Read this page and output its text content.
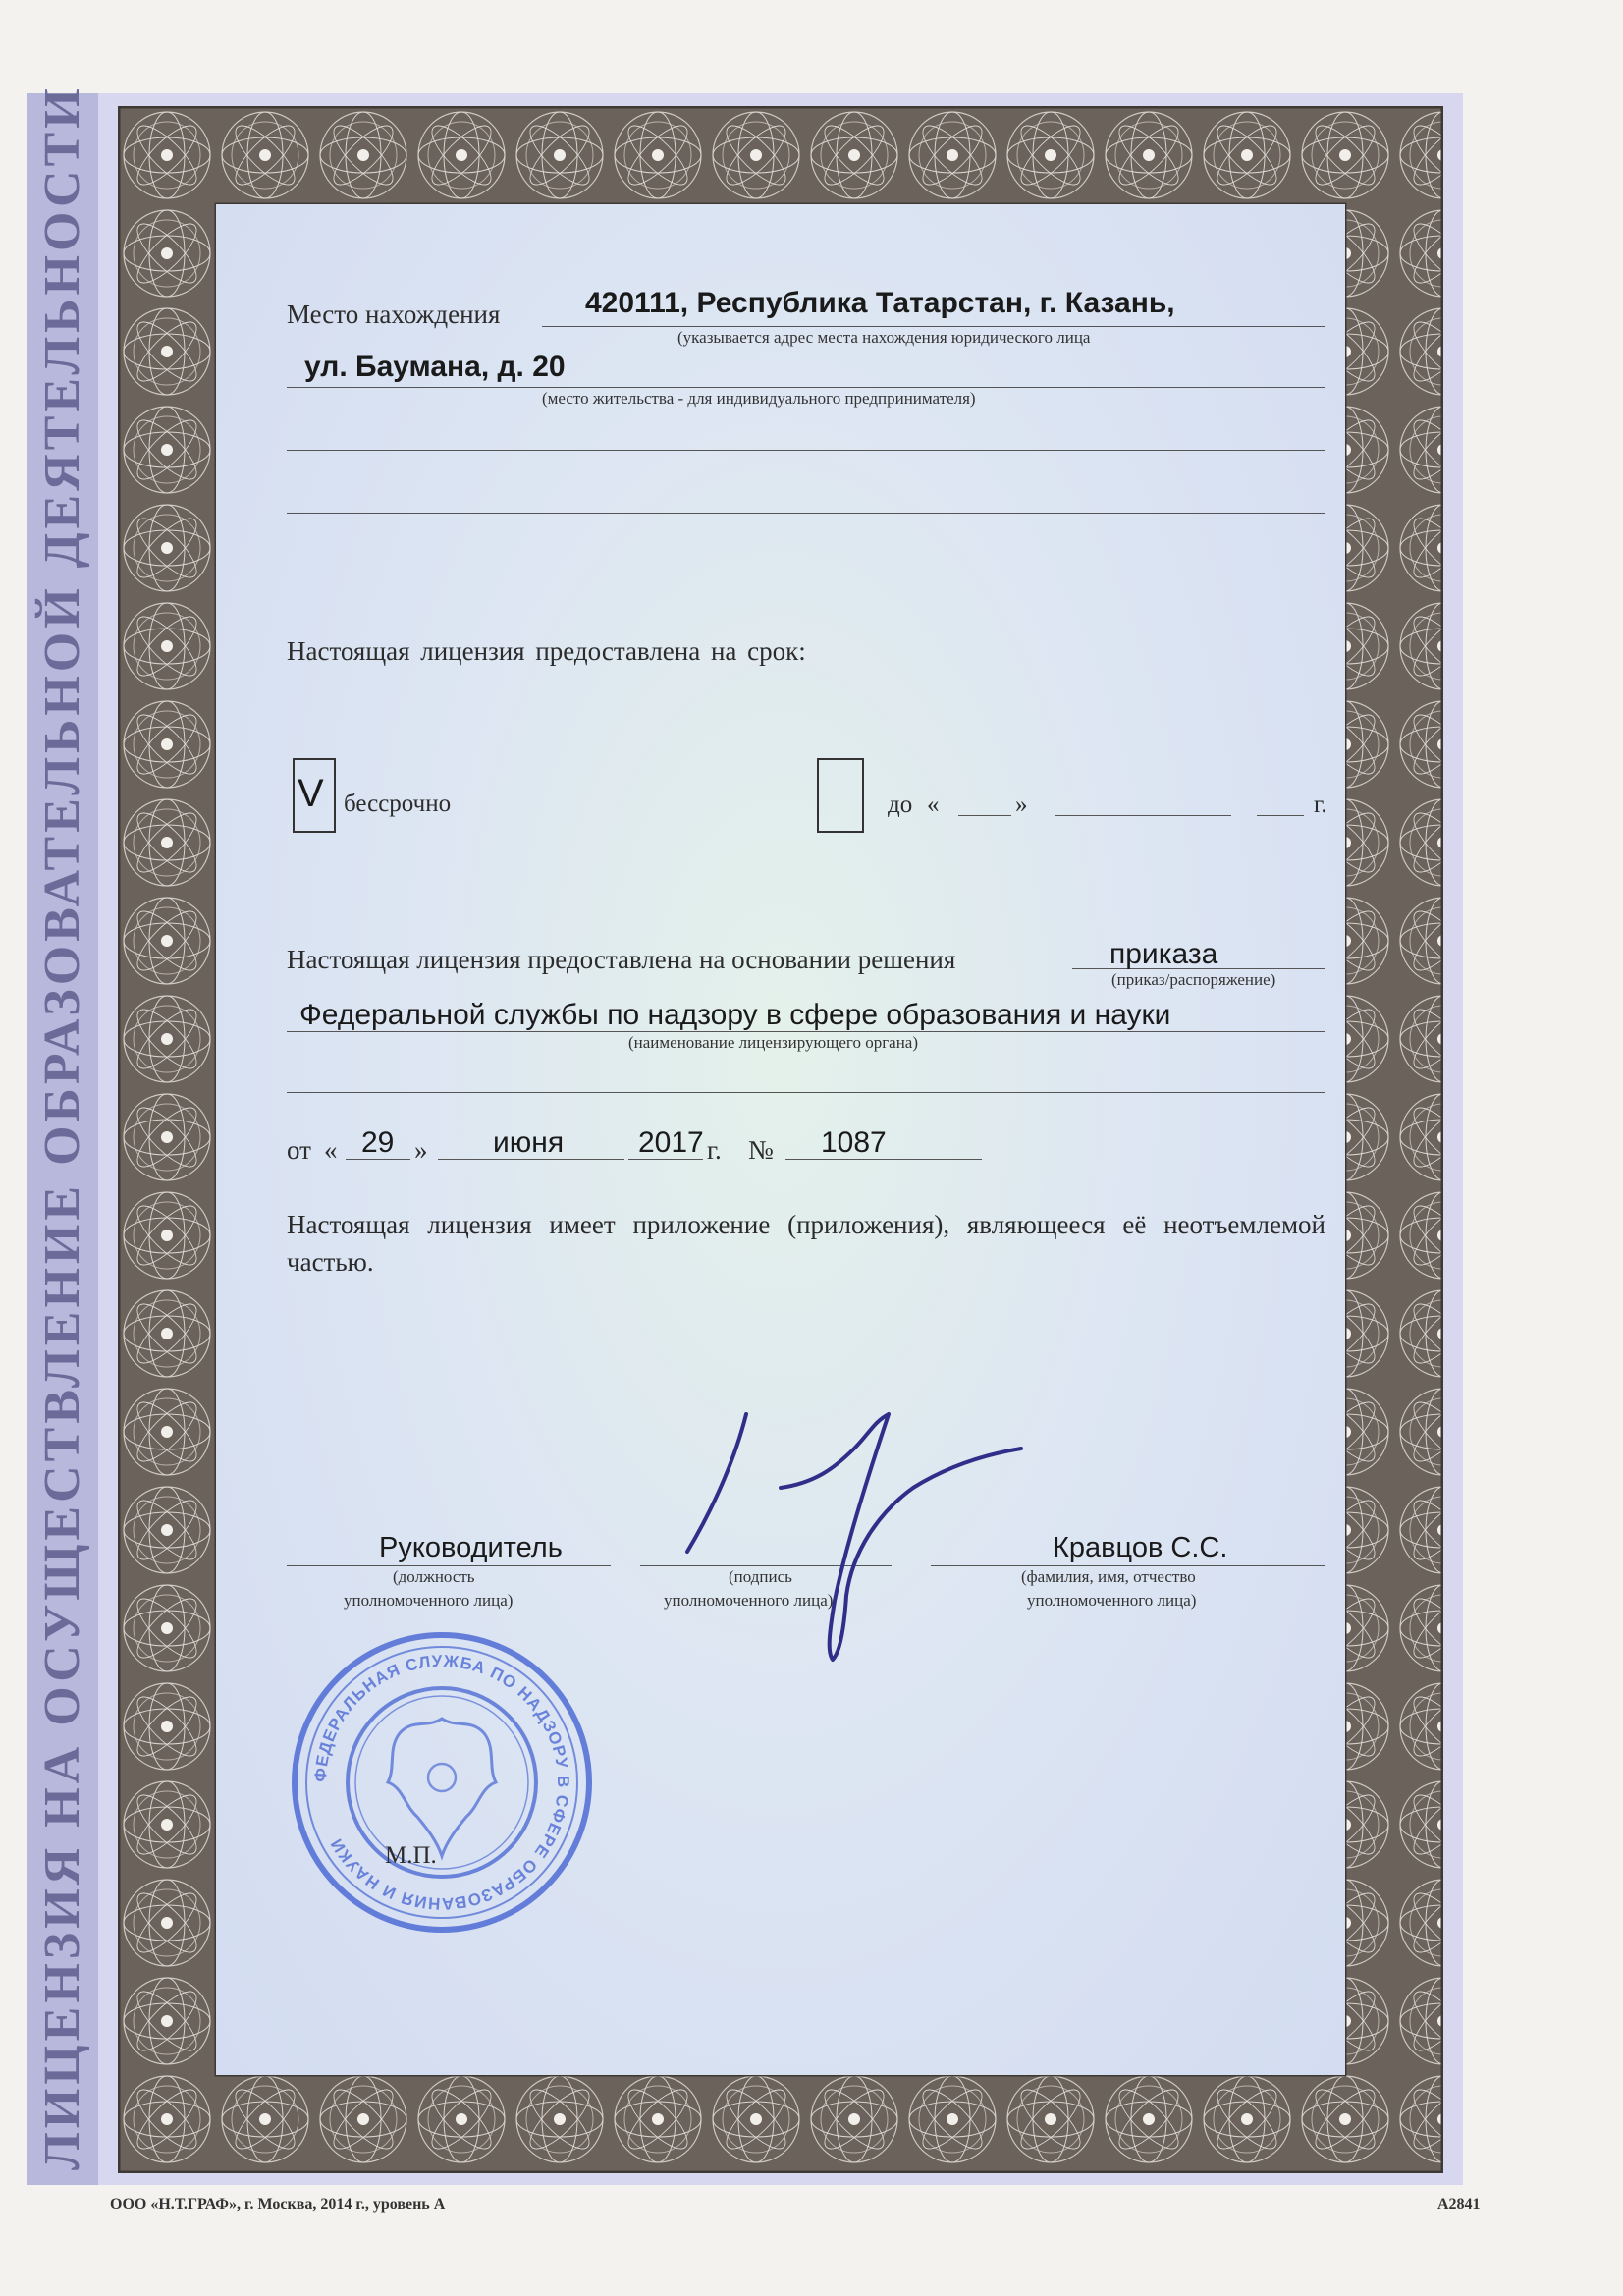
ЛИЦЕНЗИЯ НА ОСУЩЕСТВЛЕНИЕ ОБРАЗОВАТЕЛЬНОЙ ДЕЯТЕЛЬНОСТИ	Место нахождения	420111, Республика Татарстан, г. Казань,
(указывается адрес места нахождения юридического лица
ул. Баумана, д. 20
(место жительства - для индивидуального предпринимателя)
Настоящая лицензия предоставлена на срок:
V бессрочно	до «	»	г.
Настоящая лицензия предоставлена на основании решения	приказа
(приказ/распоряжение)
Федеральной службы по надзору в сфере образования и науки
(наименование лицензирующего органа)
от « 29 » июня	2017 г. № 1087
Настоящая лицензия имеет приложение (приложения), являющееся её неотъемлемой частью.
Руководитель
(должность
уполномоченного лица)
(подпись
уполномоченного лица)
Кравцов С.С.
(фамилия, имя, отчество
уполномоченного лица)
ФЕДЕРАЛЬНАЯ СЛУЖБА ПО НАДЗОРУ В СФЕРЕ ОБРАЗОВАНИЯ И НАУКИ	М.П.
ООО «Н.Т.ГРАФ», г. Москва, 2014 г., уровень А	А2841
